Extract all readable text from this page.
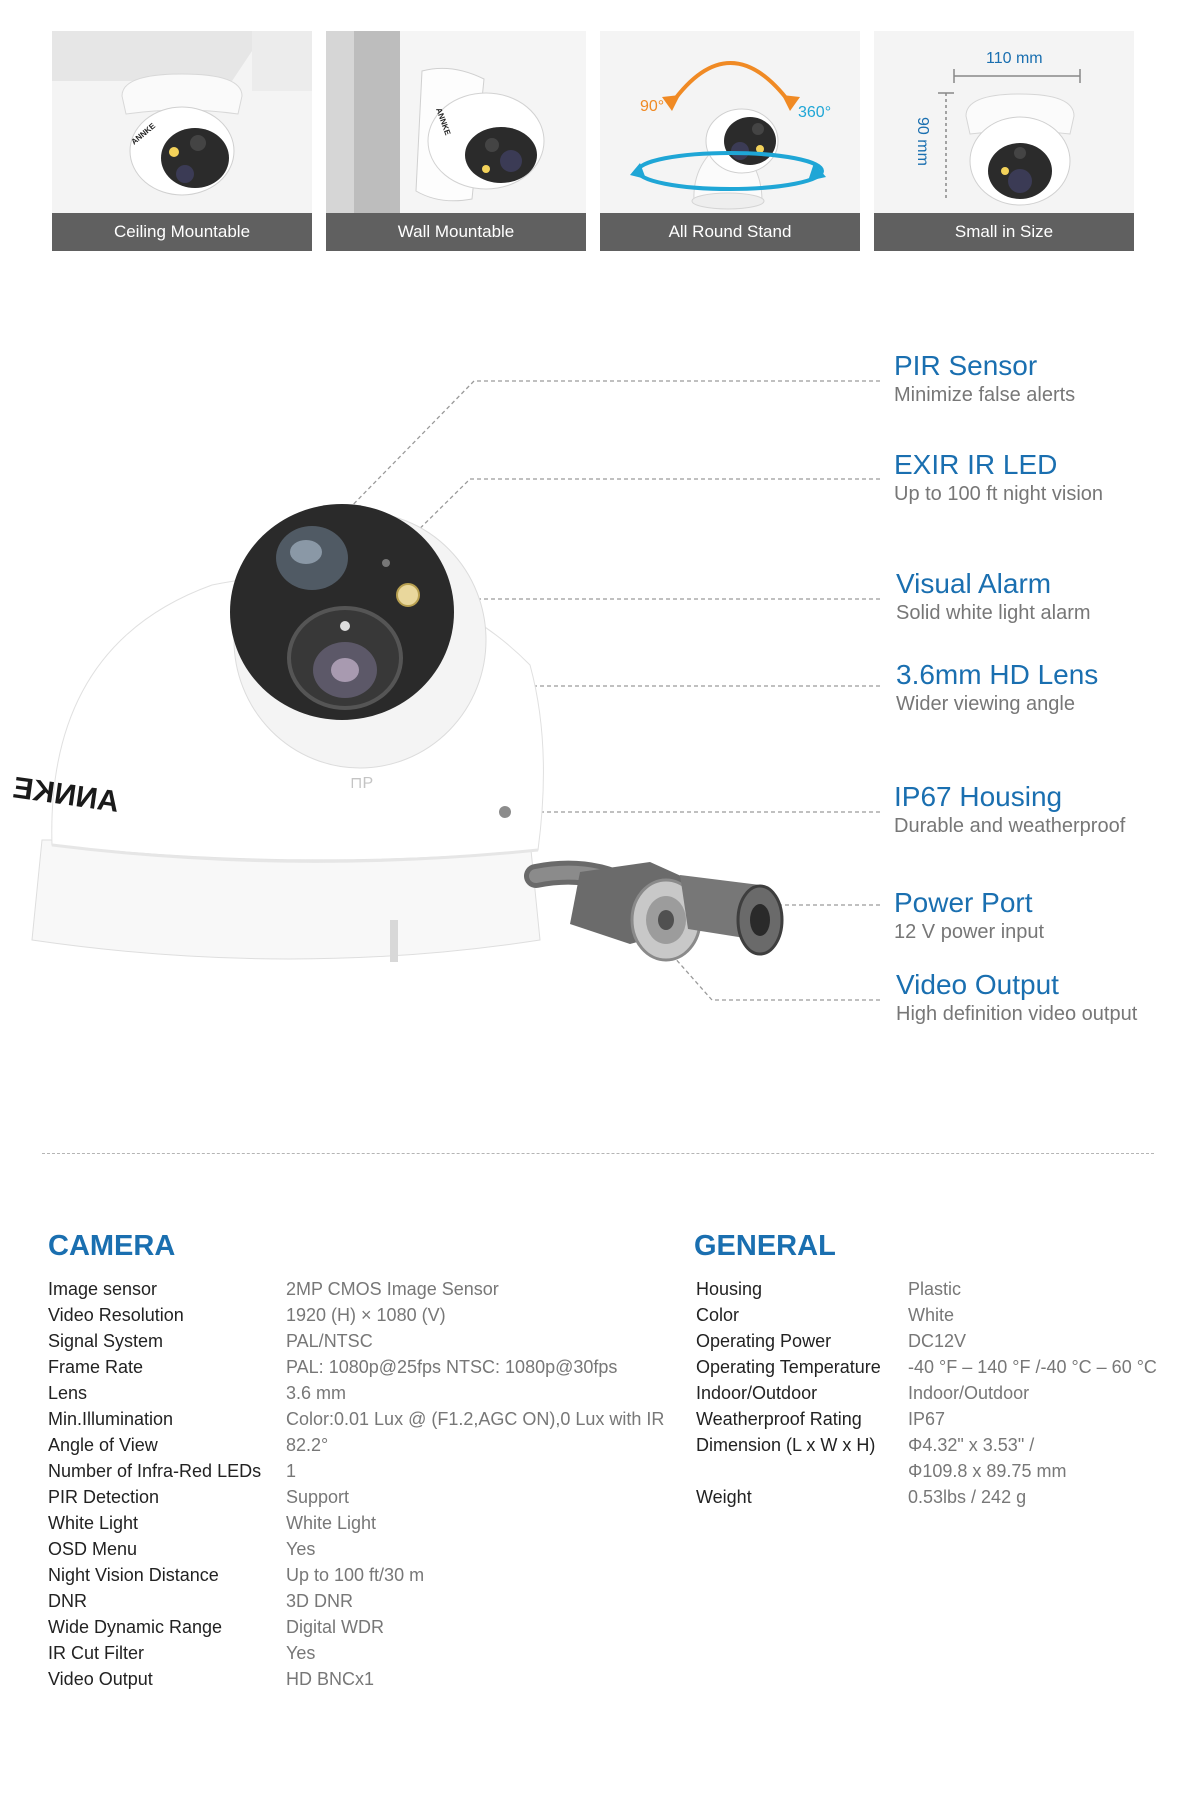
ANNKE
Ceiling Mountable
ANNKE
Wall Mountable
90°	360°
All Round Stand
110 mm
90 mm
Small in Size
⊓P
ANNKE
PIR Sensor
Minimize false alerts
EXIR IR LED
Up to 100 ft night vision
Visual Alarm
Solid white light alarm
3.6mm HD Lens
Wider viewing angle
IP67 Housing
Durable and weatherproof
Power Port
12 V power input
Video Output
High definition video output
CAMERA
Image sensor	2MP CMOS Image Sensor
Video Resolution	1920 (H) × 1080 (V)
Signal System	PAL/NTSC
Frame Rate	PAL: 1080p@25fps NTSC: 1080p@30fps
Lens	3.6 mm
Min.Illumination	Color:0.01 Lux @ (F1.2,AGC ON),0 Lux with IR
Angle of View	82.2°
Number of Infra-Red LEDs	1
PIR Detection	Support
White Light	White Light
OSD Menu	Yes
Night Vision Distance	Up to 100 ft/30 m
DNR	3D DNR
Wide Dynamic Range	Digital WDR
IR Cut Filter	Yes
Video Output	HD BNCx1
GENERAL
Housing	Plastic
Color	White
Operating Power	DC12V
Operating Temperature	-40 °F – 140 °F /-40 °C – 60 °C
Indoor/Outdoor	Indoor/Outdoor
Weatherproof Rating	IP67
Dimension (L x W x H)	Φ4.32" x 3.53" /
Φ109.8 x 89.75 mm
Weight	0.53lbs / 242 g
